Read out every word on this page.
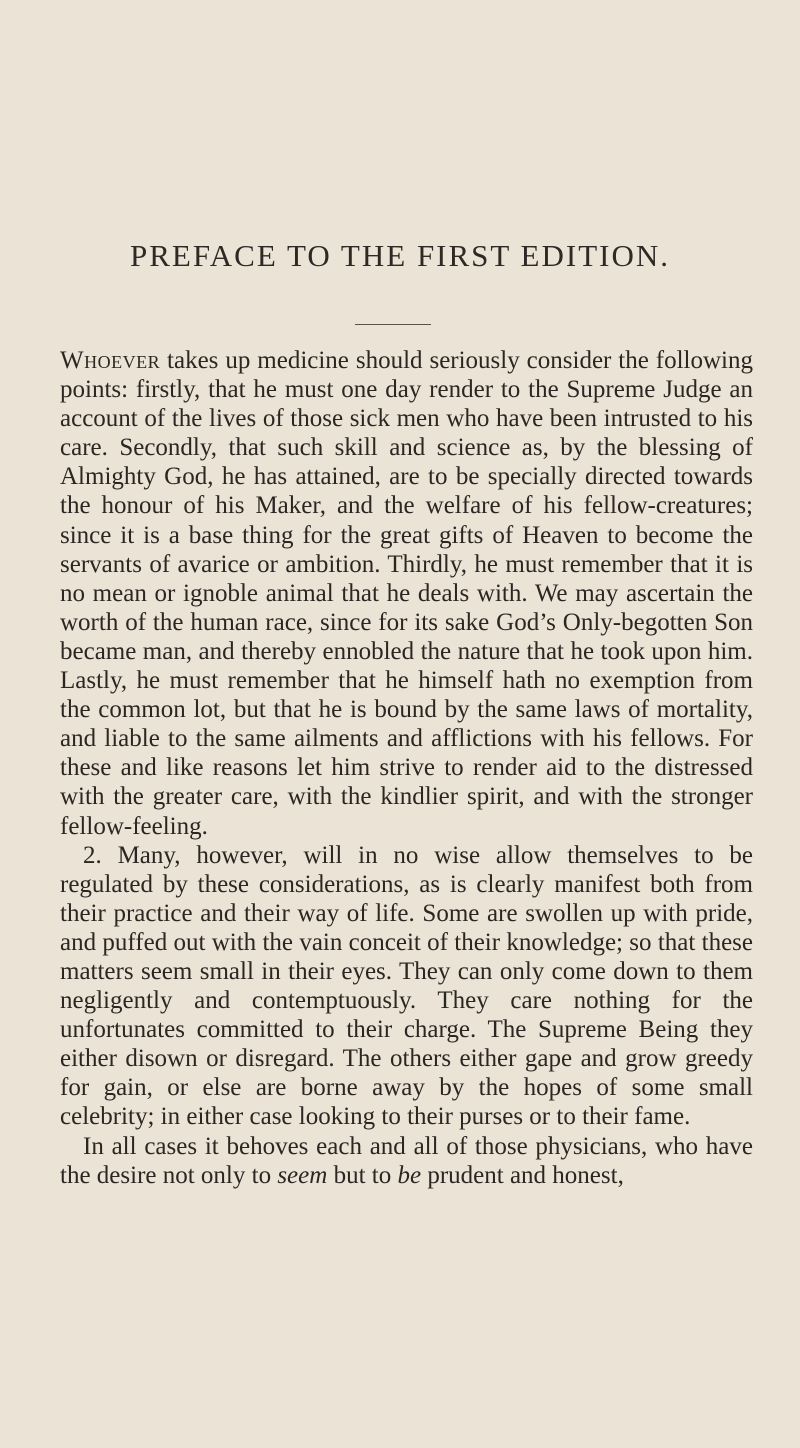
PREFACE TO THE FIRST EDITION.

Whoever takes up medicine should seriously consider the following points: firstly, that he must one day render to the Supreme Judge an account of the lives of those sick men who have been intrusted to his care. Secondly, that such skill and science as, by the blessing of Almighty God, he has attained, are to be specially directed towards the honour of his Maker, and the welfare of his fellow-creatures; since it is a base thing for the great gifts of Heaven to become the servants of avarice or ambition. Thirdly, he must remember that it is no mean or ignoble animal that he deals with. We may ascertain the worth of the human race, since for its sake God’s Only-begotten Son became man, and thereby ennobled the nature that he took upon him. Lastly, he must remember that he himself hath no exemption from the common lot, but that he is bound by the same laws of mortality, and liable to the same ailments and afflictions with his fellows. For these and like reasons let him strive to render aid to the distressed with the greater care, with the kindlier spirit, and with the stronger fellow-feeling.

2. Many, however, will in no wise allow themselves to be regulated by these considerations, as is clearly manifest both from their practice and their way of life. Some are swollen up with pride, and puffed out with the vain conceit of their knowledge; so that these matters seem small in their eyes. They can only come down to them negligently and contemptuously. They care nothing for the unfortunates committed to their charge. The Supreme Being they either disown or disregard. The others either gape and grow greedy for gain, or else are borne away by the hopes of some small celebrity; in either case looking to their purses or to their fame.

In all cases it behoves each and all of those physicians, who have the desire not only to seem but to be prudent and honest,
